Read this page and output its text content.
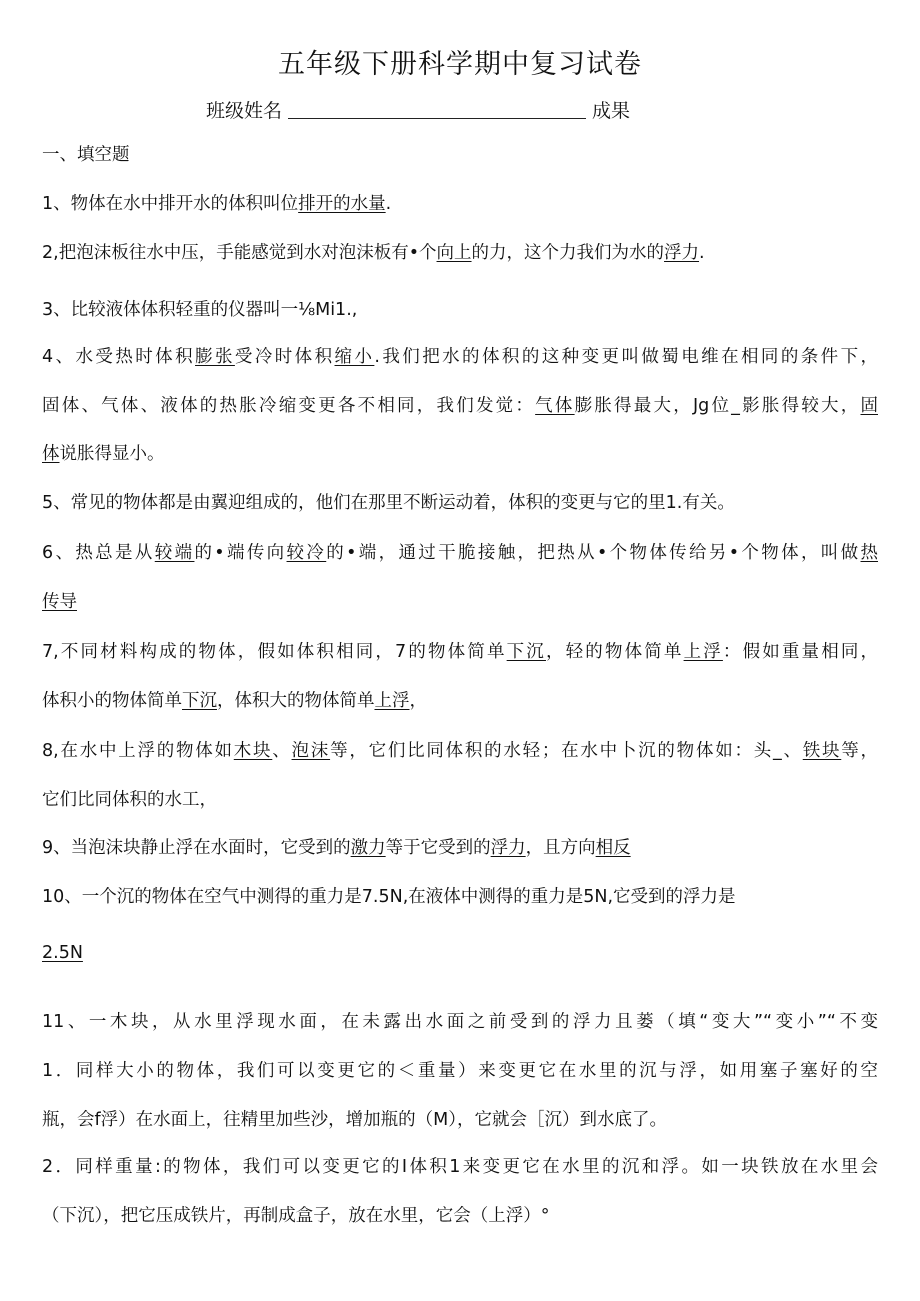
五年级下册科学期中复习试卷
班级姓名	成果
一、填空题
1、物体在水中排开水的体积叫位排开的水量.
2,把泡沫板往水中压，手能感觉到水对泡沫板有•个向上的力，这个力我们为水的浮力.
3、比较液体体积轻重的仪器叫一⅛Mi1.,
4、水受热时体积膨张受冷时体积缩小.我们把水的体积的这种变更叫做蜀电维在相同的条件下，
固体、气体、液体的热胀冷缩变更各不相同，我们发觉：气体膨胀得最大，Jg位_影胀得较大，固
体说胀得显小。
5、常见的物体都是由翼迎组成的，他们在那里不断运动着，体积的变更与它的里1.有关。
6、热总是从较端的•端传向较冷的•端，通过干脆接触，把热从•个物体传给另•个物体，叫做热
传导
7,不同材料构成的物体，假如体积相同，7的物体简单下沉，轻的物体简单上浮：假如重量相同，
体积小的物体简单下沉，体积大的物体简单上浮，
8,在水中上浮的物体如木块、泡沫等，它们比同体积的水轻；在水中卜沉的物体如：头_、铁块等，
它们比同体积的水工，
9、当泡沫块静止浮在水面时，它受到的激力等于它受到的浮力，且方向相反
10、一个沉的物体在空气中测得的重力是7.5N,在液体中测得的重力是5N,它受到的浮力是
2.5N
11、一木块，从水里浮现水面，在未露出水面之前受到的浮力且蒌（填“变大”“变小”“不变
1．同样大小的物体，我们可以变更它的＜重量）来变更它在水里的沉与浮，如用塞子塞好的空
瓶，会f浮）在水面上，往精里加些沙，增加瓶的（M），它就会［沉）到水底了。
2．同样重量:的物体，我们可以变更它的I体积1来变更它在水里的沉和浮。如一块铁放在水里会
（下沉），把它压成铁片，再制成盒子，放在水里，它会（上浮）°
